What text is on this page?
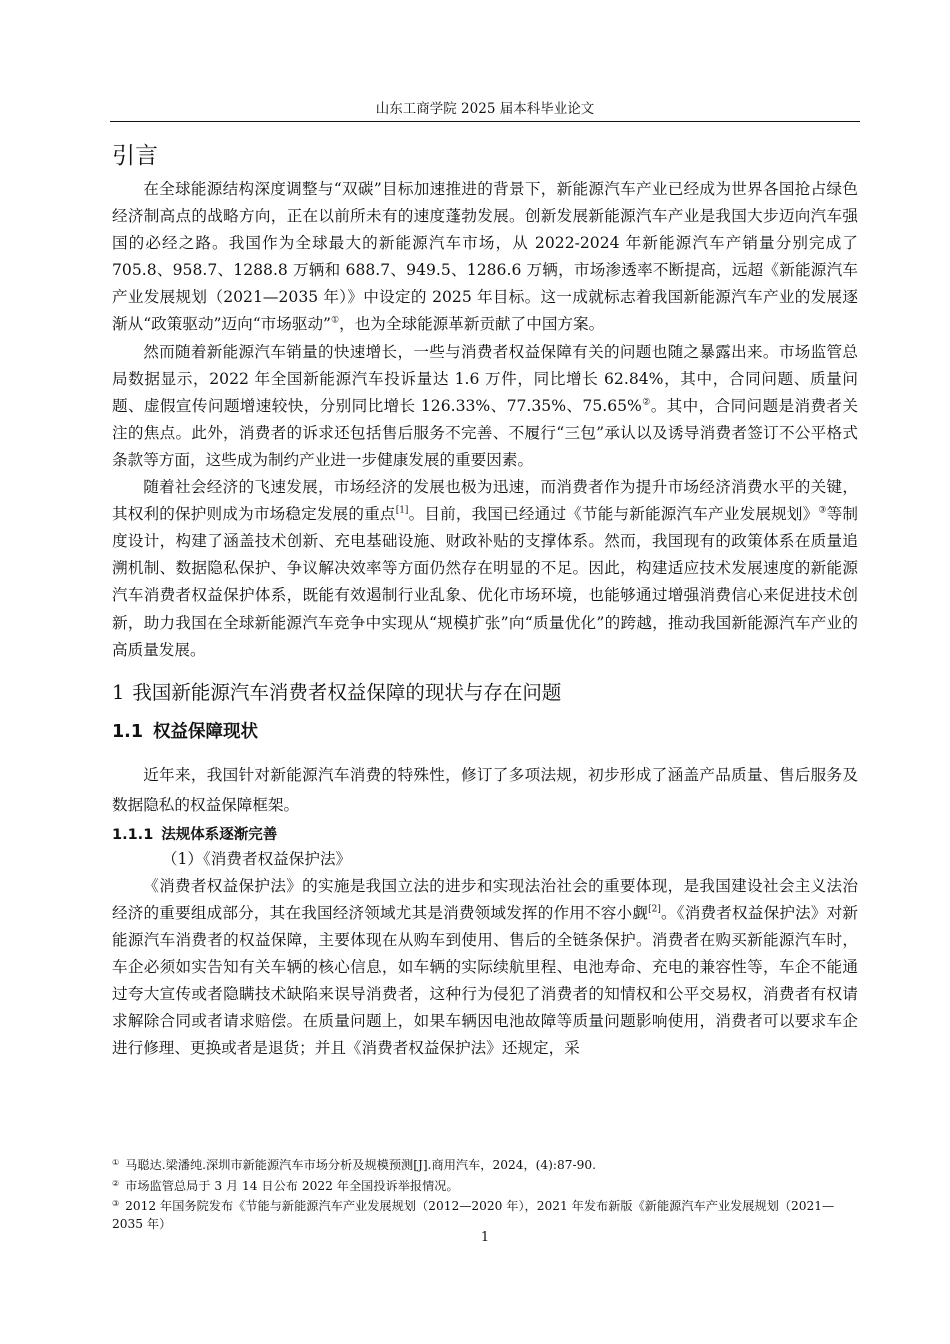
山东工商学院 2025 届本科毕业论文
引言

在全球能源结构深度调整与“双碳”目标加速推进的背景下，新能源汽车产业已经成为世界各国抢占绿色经济制高点的战略方向，正在以前所未有的速度蓬勃发展。创新发展新能源汽车产业是我国大步迈向汽车强国的必经之路。我国作为全球最大的新能源汽车市场，从 2022-2024 年新能源汽车产销量分别完成了 705.8、958.7、1288.8 万辆和 688.7、949.5、1286.6 万辆，市场渗透率不断提高，远超《新能源汽车产业发展规划（2021—2035 年）》中设定的 2025 年目标。这一成就标志着我国新能源汽车产业的发展逐渐从“政策驱动”迈向“市场驱动”①，也为全球能源革新贡献了中国方案。

然而随着新能源汽车销量的快速增长，一些与消费者权益保障有关的问题也随之暴露出来。市场监管总局数据显示，2022 年全国新能源汽车投诉量达 1.6 万件，同比增长 62.84%，其中，合同问题、质量问题、虚假宣传问题增速较快，分别同比增长 126.33%、77.35%、75.65%②。其中，合同问题是消费者关注的焦点。此外，消费者的诉求还包括售后服务不完善、不履行“三包”承认以及诱导消费者签订不公平格式条款等方面，这些成为制约产业进一步健康发展的重要因素。

随着社会经济的飞速发展，市场经济的发展也极为迅速，而消费者作为提升市场经济消费水平的关键，其权利的保护则成为市场稳定发展的重点[1]。目前，我国已经通过《节能与新能源汽车产业发展规划》③等制度设计，构建了涵盖技术创新、充电基础设施、财政补贴的支撑体系。然而，我国现有的政策体系在质量追溯机制、数据隐私保护、争议解决效率等方面仍然存在明显的不足。因此，构建适应技术发展速度的新能源汽车消费者权益保护体系，既能有效遏制行业乱象、优化市场环境，也能够通过增强消费信心来促进技术创新，助力我国在全球新能源汽车竞争中实现从“规模扩张”向“质量优化”的跨越，推动我国新能源汽车产业的高质量发展。

1 我国新能源汽车消费者权益保障的现状与存在问题
1.1 权益保障现状

近年来，我国针对新能源汽车消费的特殊性，修订了多项法规，初步形成了涵盖产品质量、售后服务及数据隐私的权益保障框架。

1.1.1 法规体系逐渐完善

（1）《消费者权益保护法》

《消费者权益保护法》的实施是我国立法的进步和实现法治社会的重要体现，是我国建设社会主义法治经济的重要组成部分，其在我国经济领域尤其是消费领域发挥的作用不容小觑[2]。《消费者权益保护法》对新能源汽车消费者的权益保障，主要体现在从购车到使用、售后的全链条保护。消费者在购买新能源汽车时，车企必须如实告知有关车辆的核心信息，如车辆的实际续航里程、电池寿命、充电的兼容性等，车企不能通过夸大宣传或者隐瞒技术缺陷来误导消费者，这种行为侵犯了消费者的知情权和公平交易权，消费者有权请求解除合同或者请求赔偿。在质量问题上，如果车辆因电池故障等质量问题影响使用，消费者可以要求车企进行修理、更换或者是退货；并且《消费者权益保护法》还规定，采

① 马聪达.梁潘纯.深圳市新能源汽车市场分析及规模预测[J].商用汽车，2024，(4):87-90.

② 市场监管总局于 3 月 14 日公布 2022 年全国投诉举报情况。

③ 2012 年国务院发布《节能与新能源汽车产业发展规划（2012—2020 年），2021 年发布新版《新能源汽车产业发展规划（2021—2035 年）

1
